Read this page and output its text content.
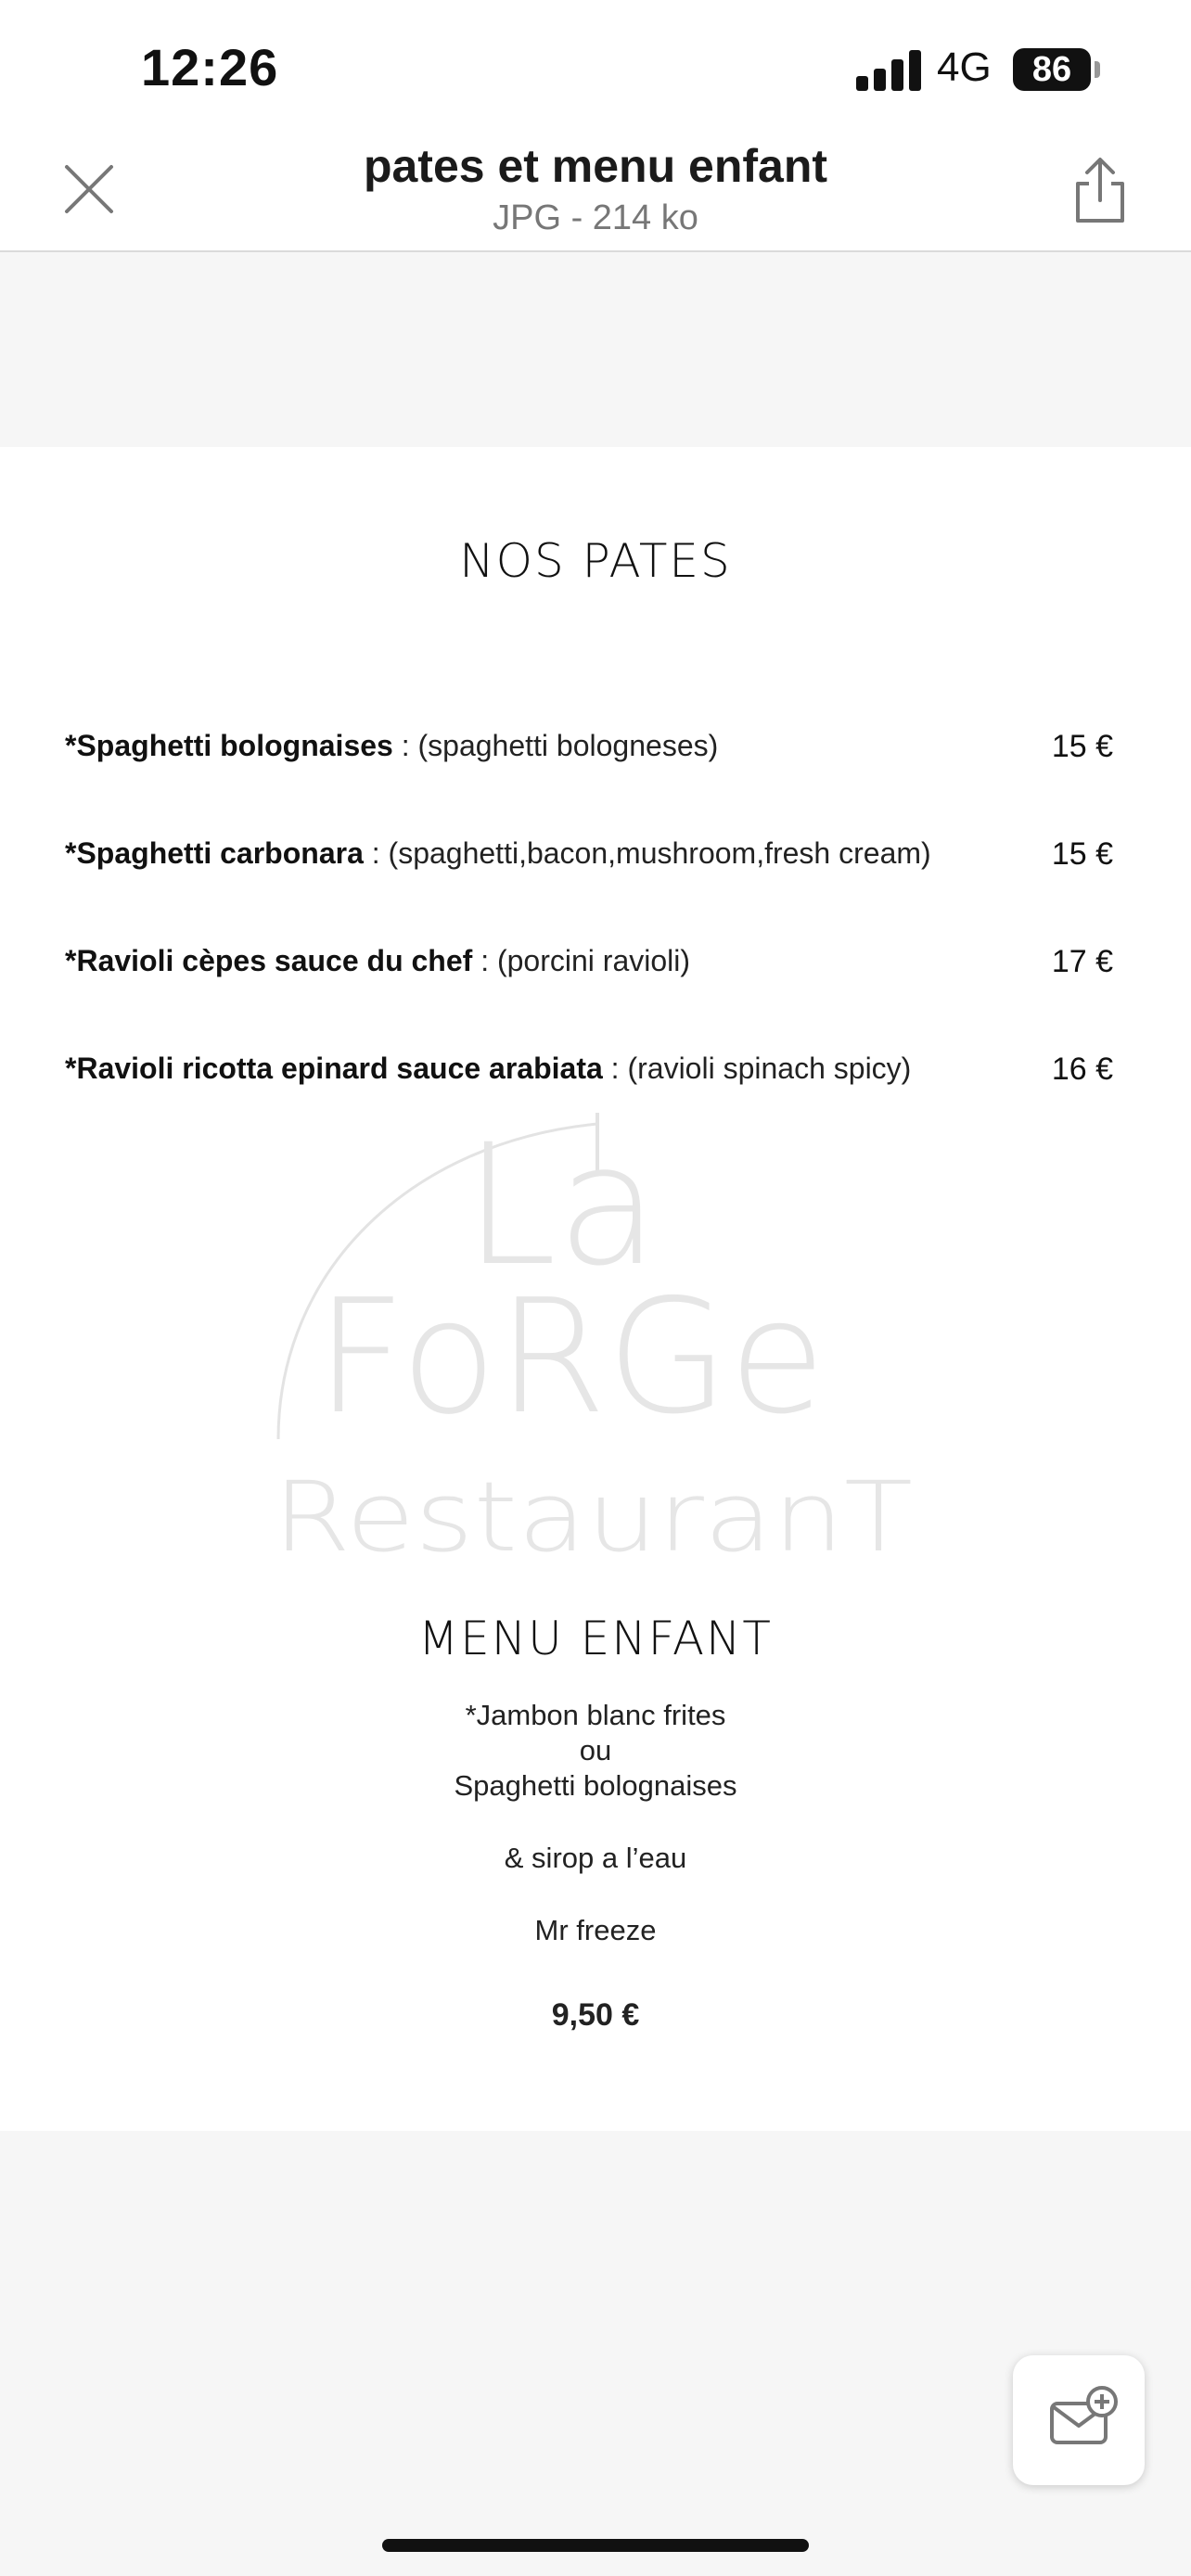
12:26	4G	86
pates et menu enfant
JPG - 214 ko
NOS PATES
*Spaghetti bolognaises : (spaghetti bologneses)	15 €
*Spaghetti carbonara : (spaghetti,bacon,mushroom,fresh cream)	15 €
*Ravioli cèpes sauce du chef : (porcini ravioli)	17 €
*Ravioli ricotta epinard sauce arabiata : (ravioli spinach spicy)	16 €
La
FoRGe
RestauranT
MENU ENFANT
*Jambon blanc frites
ou
Spaghetti bolognaises
& sirop a l’eau
Mr freeze
9,50 €
